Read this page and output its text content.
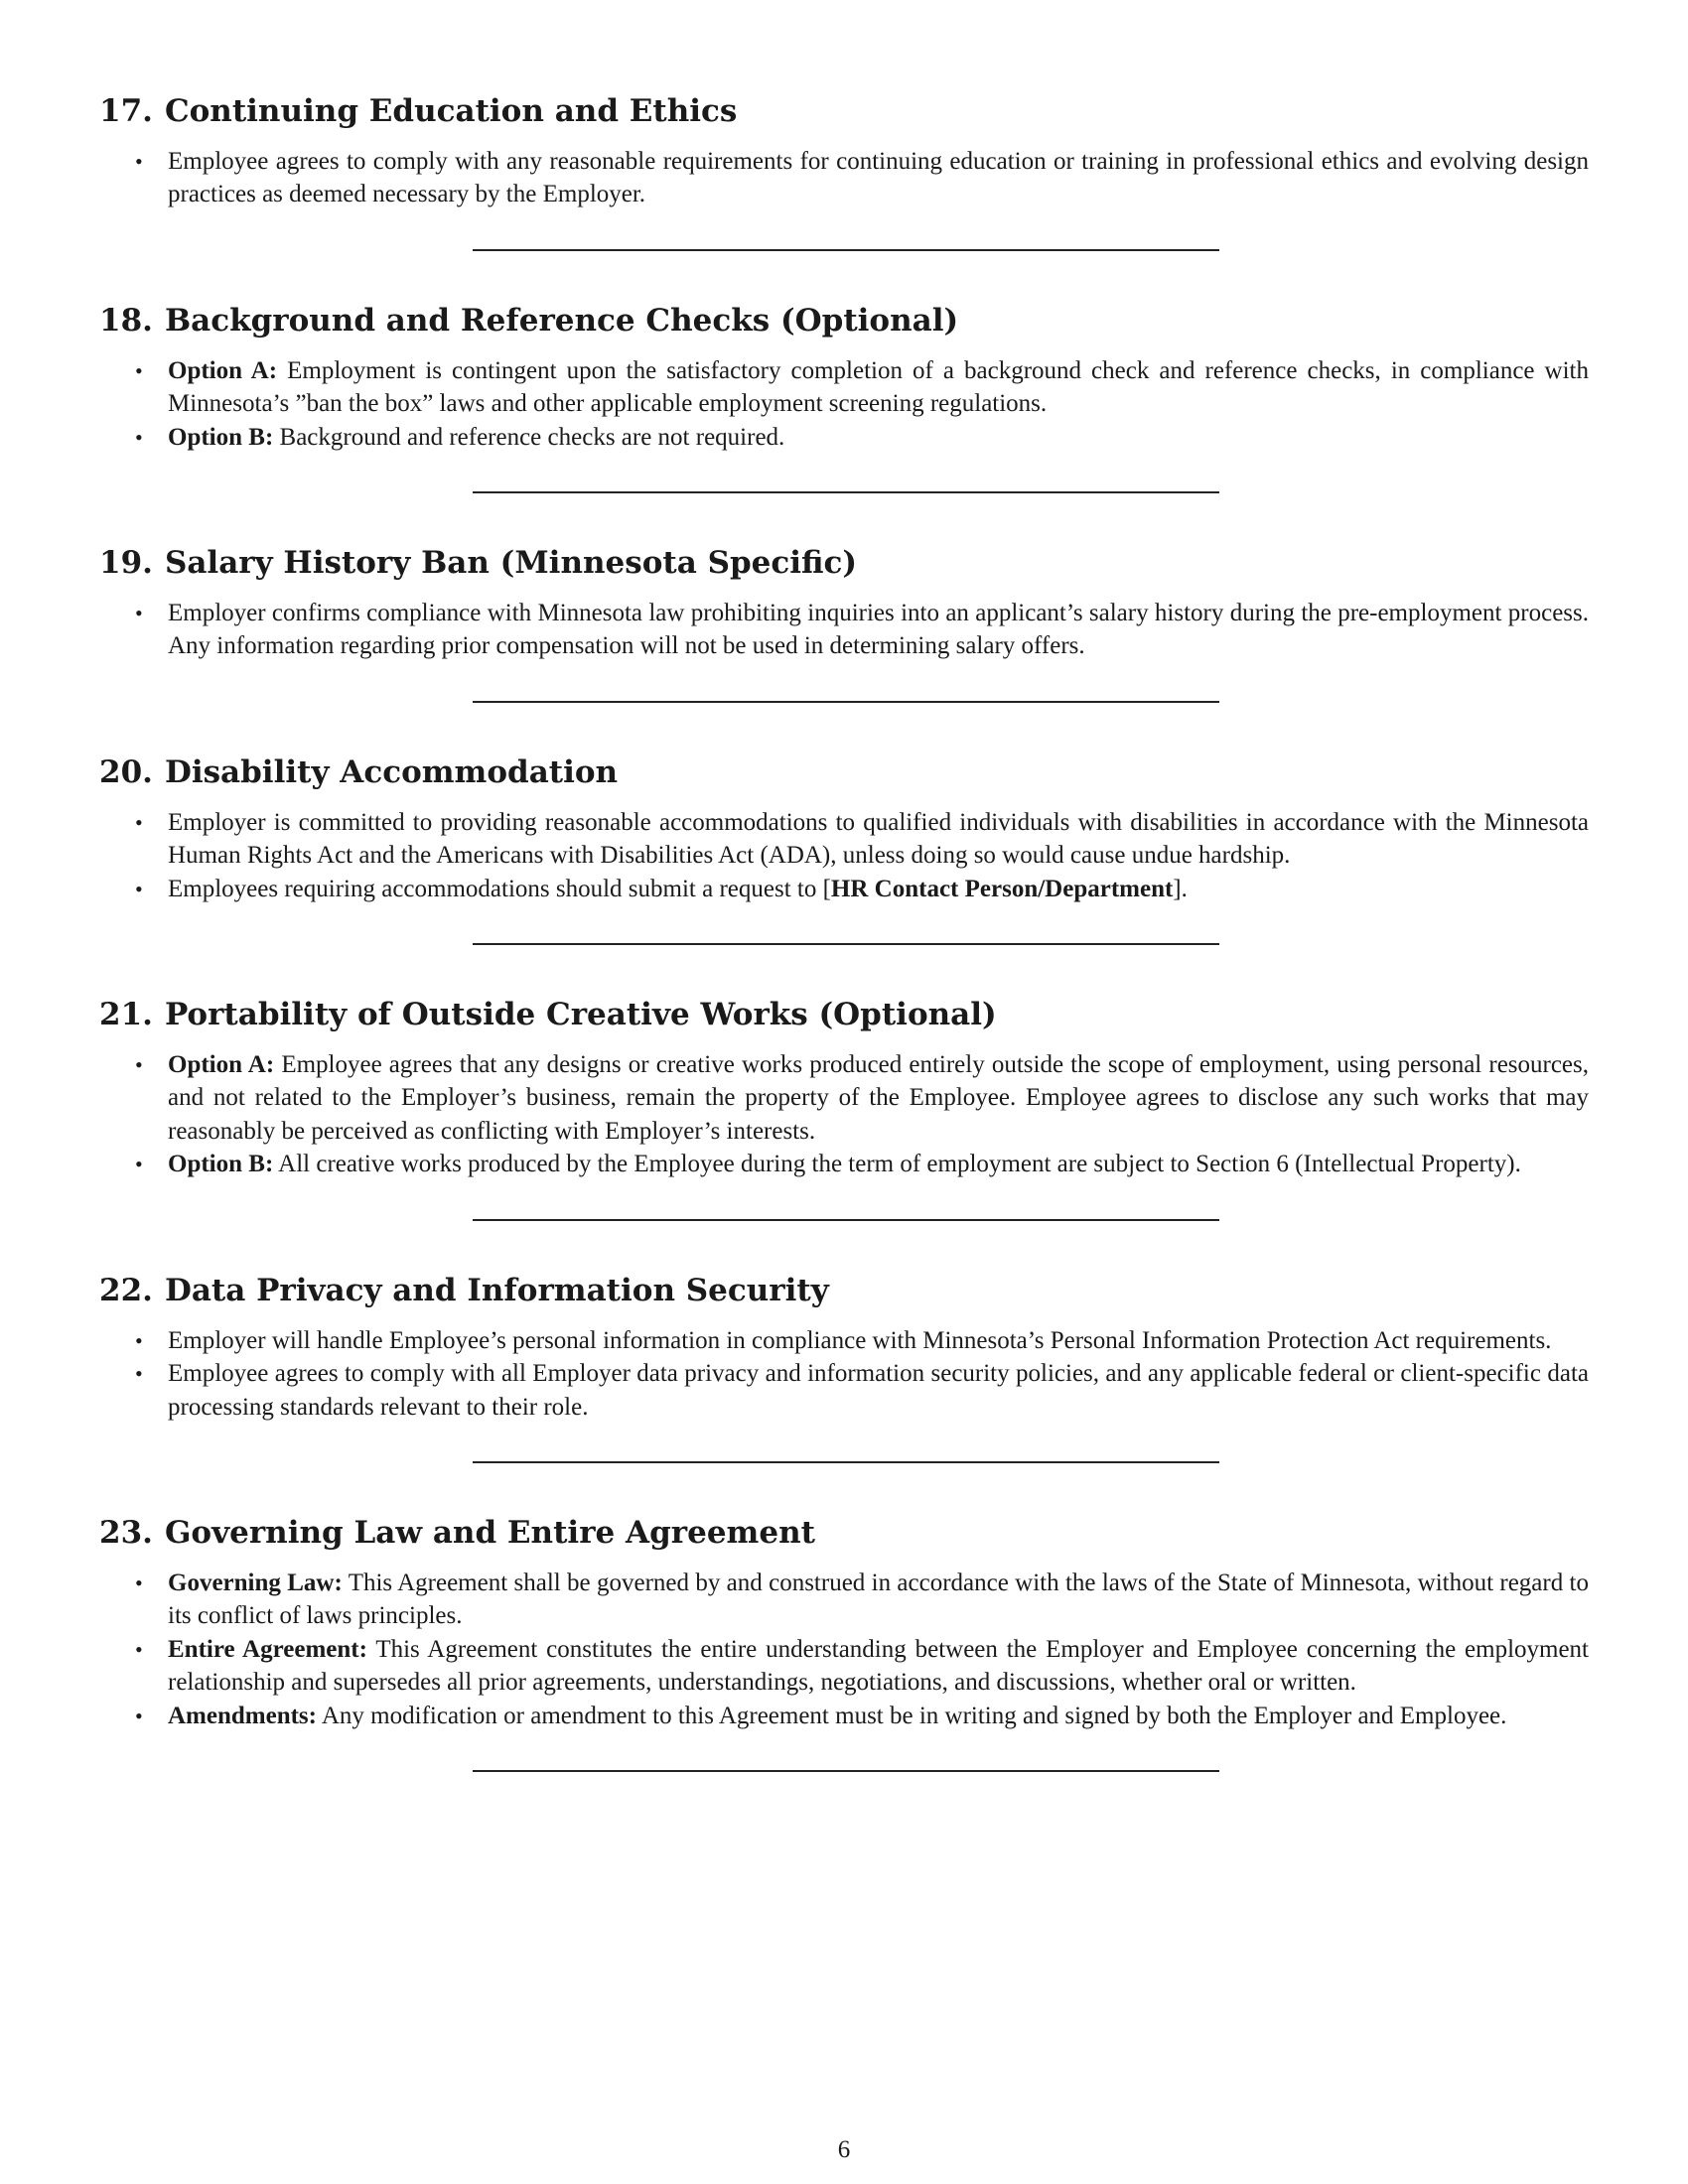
17. Continuing Education and Ethics
• Employee agrees to comply with any reasonable requirements for continuing education or training in professional ethics and evolving design practices as deemed necessary by the Employer.
18. Background and Reference Checks (Optional)
• Option A: Employment is contingent upon the satisfactory completion of a background check and reference checks, in compliance with Minnesota’s ”ban the box” laws and other applicable employment screening regulations.
• Option B: Background and reference checks are not required.
19. Salary History Ban (Minnesota Specific)
• Employer confirms compliance with Minnesota law prohibiting inquiries into an applicant’s salary history during the pre-employment process. Any information regarding prior compensation will not be used in determining salary offers.
20. Disability Accommodation
• Employer is committed to providing reasonable accommodations to qualified individuals with disabilities in accordance with the Minnesota Human Rights Act and the Americans with Disabilities Act (ADA), unless doing so would cause undue hardship.
• Employees requiring accommodations should submit a request to [HR Contact Person/Department].
21. Portability of Outside Creative Works (Optional)
• Option A: Employee agrees that any designs or creative works produced entirely outside the scope of employment, using personal resources, and not related to the Employer’s business, remain the property of the Employee. Employee agrees to disclose any such works that may reasonably be perceived as conflicting with Employer’s interests.
• Option B: All creative works produced by the Employee during the term of employment are subject to Section 6 (Intellectual Property).
22. Data Privacy and Information Security
• Employer will handle Employee’s personal information in compliance with Minnesota’s Personal Information Protection Act requirements.
• Employee agrees to comply with all Employer data privacy and information security policies, and any applicable federal or client-specific data processing standards relevant to their role.
23. Governing Law and Entire Agreement
• Governing Law: This Agreement shall be governed by and construed in accordance with the laws of the State of Minnesota, without regard to its conflict of laws principles.
• Entire Agreement: This Agreement constitutes the entire understanding between the Employer and Employee concerning the employment relationship and supersedes all prior agreements, understandings, negotiations, and discussions, whether oral or written.
• Amendments: Any modification or amendment to this Agreement must be in writing and signed by both the Employer and Employee.
6
